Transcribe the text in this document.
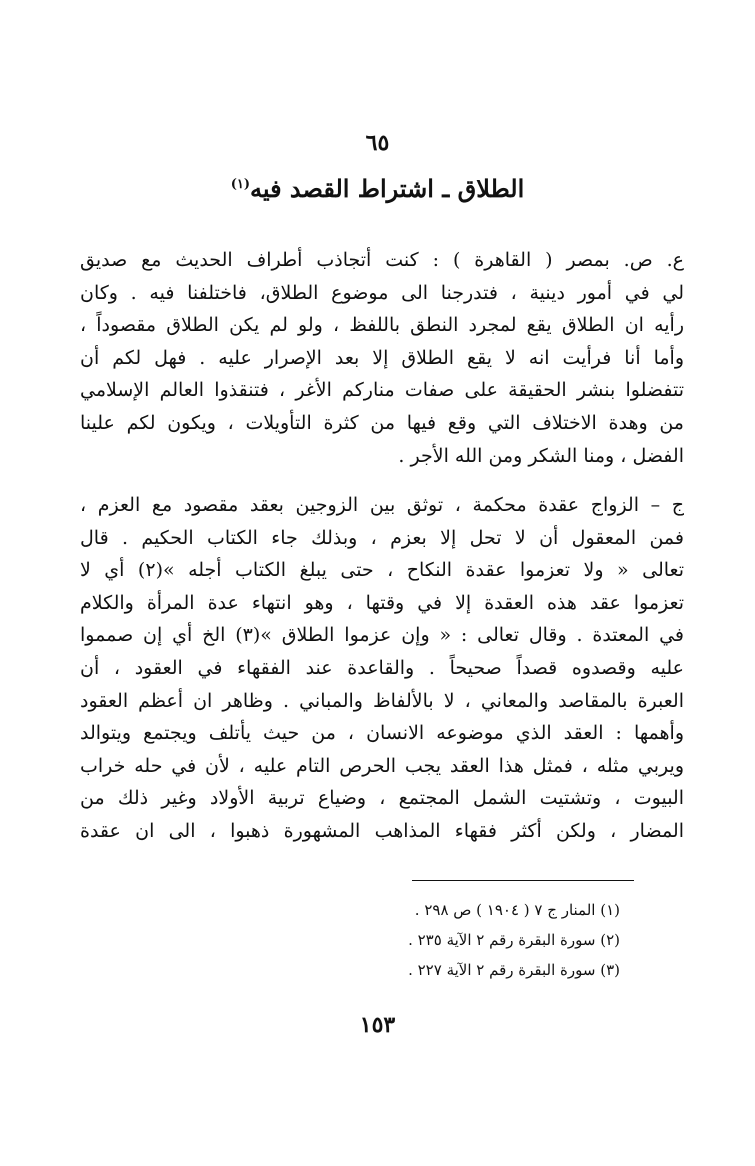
٦٥
الطلاق ـ اشتراط القصد فيه$^{(١)}$
ع. ص. بمصر ( القاهرة ) : كنت أتجاذب أطراف الحديث مع صديق
لي في أمور دينية ، فتدرجنا الى موضوع الطلاق، فاختلفنا فيه . وكان
رأيه ان الطلاق يقع لمجرد النطق باللفظ ، ولو لم يكن الطلاق مقصوداً ،
وأما أنا فرأيت انه لا يقع الطلاق إلا بعد الإصرار عليه . فهل لكم أن
تتفضلوا بنشر الحقيقة على صفات منارکم الأغر ، فتنقذوا العالم الإسلامي
من وهدة الاختلاف التي وقع فيها من كثرة التأويلات ، ويكون لكم علينا
الفضل ، ومنا الشكر ومن الله الأجر .
ج – الزواج عقدة محكمة ، توثق بين الزوجين بعقد مقصود مع العزم ،
فمن المعقول أن لا تحل إلا بعزم ، وبذلك جاء الكتاب الحكيم . قال
تعالى « ولا تعزموا عقدة النكاح ، حتى يبلغ الكتاب أجله »(٢) أي لا
تعزموا عقد هذه العقدة إلا في وقتها ، وهو انتهاء عدة المرأة والكلام
في المعتدة . وقال تعالى : « وإن عزموا الطلاق »(٣) الخ أي إن صمموا
عليه وقصدوه قصداً صحيحاً . والقاعدة عند الفقهاء في العقود ، أن
العبرة بالمقاصد والمعاني ، لا بالألفاظ والمباني . وظاهر ان أعظم العقود
وأهمها : العقد الذي موضوعه الانسان ، من حيث يأتلف ويجتمع ويتوالد
ويربي مثله ، فمثل هذا العقد يجب الحرص التام عليه ، لأن في حله خراب
البيوت ، وتشتيت الشمل المجتمع ، وضياع تربية الأولاد وغير ذلك من
المضار ، ولكن أكثر فقهاء المذاهب المشهورة ذهبوا ، الى ان عقدة
(١) المنار ج ٧ ( ١٩٠٤ ) ص ٢٩٨ .
(٢) سورة البقرة رقم ٢ الآية ٢٣٥ .
(٣) سورة البقرة رقم ٢ الآية ٢٢٧ .
١٥٣
